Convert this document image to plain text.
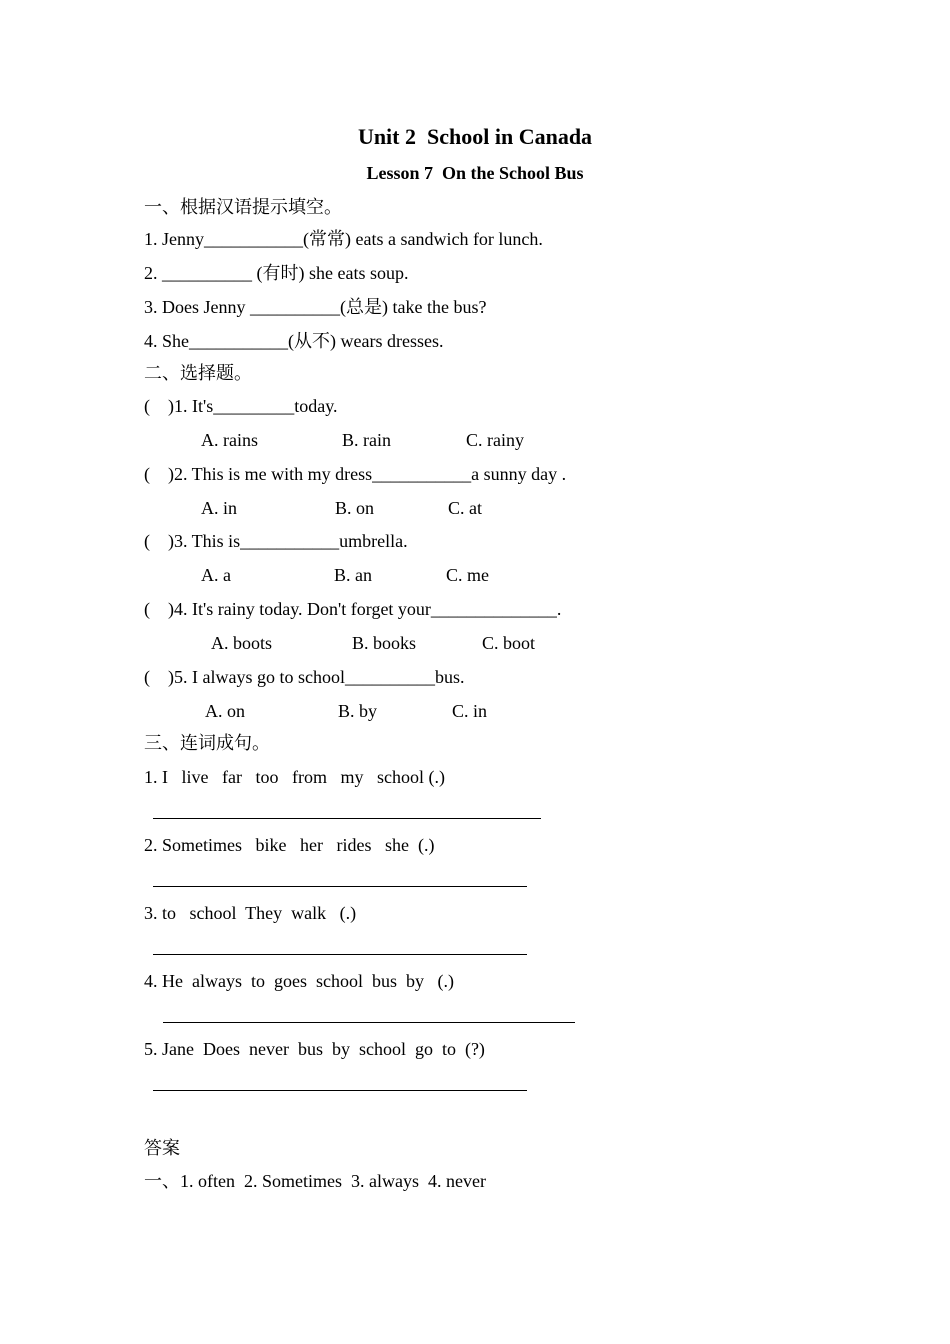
Unit 2  School in Canada
Lesson 7  On the School Bus
一、根据汉语提示填空。
1. Jenny___________(常常) eats a sandwich for lunch.
2. __________ (有时) she eats soup.
3. Does Jenny __________(总是) take the bus?
4. She___________(从不) wears dresses.
二、选择题。
(    )1. It's_________today.
A. rains	B. rain	C. rainy
(    )2. This is me with my dress___________a sunny day .
A. in	B. on	C. at
(    )3. This is___________umbrella.
A. a	B. an	C. me
(    )4. It's rainy today. Don't forget your______________.
A. boots	B. books	C. boot
(    )5. I always go to school__________bus.
A. on	B. by	C. in
三、连词成句。
1. I   live   far   too   from   my   school (.)
2. Sometimes   bike   her   rides   she  (.)
3. to   school  They  walk   (.)
4. He  always  to  goes  school  bus  by   (.)
5. Jane  Does  never  bus  by  school  go  to  (?)
答案
一、1. often  2. Sometimes  3. always  4. never
